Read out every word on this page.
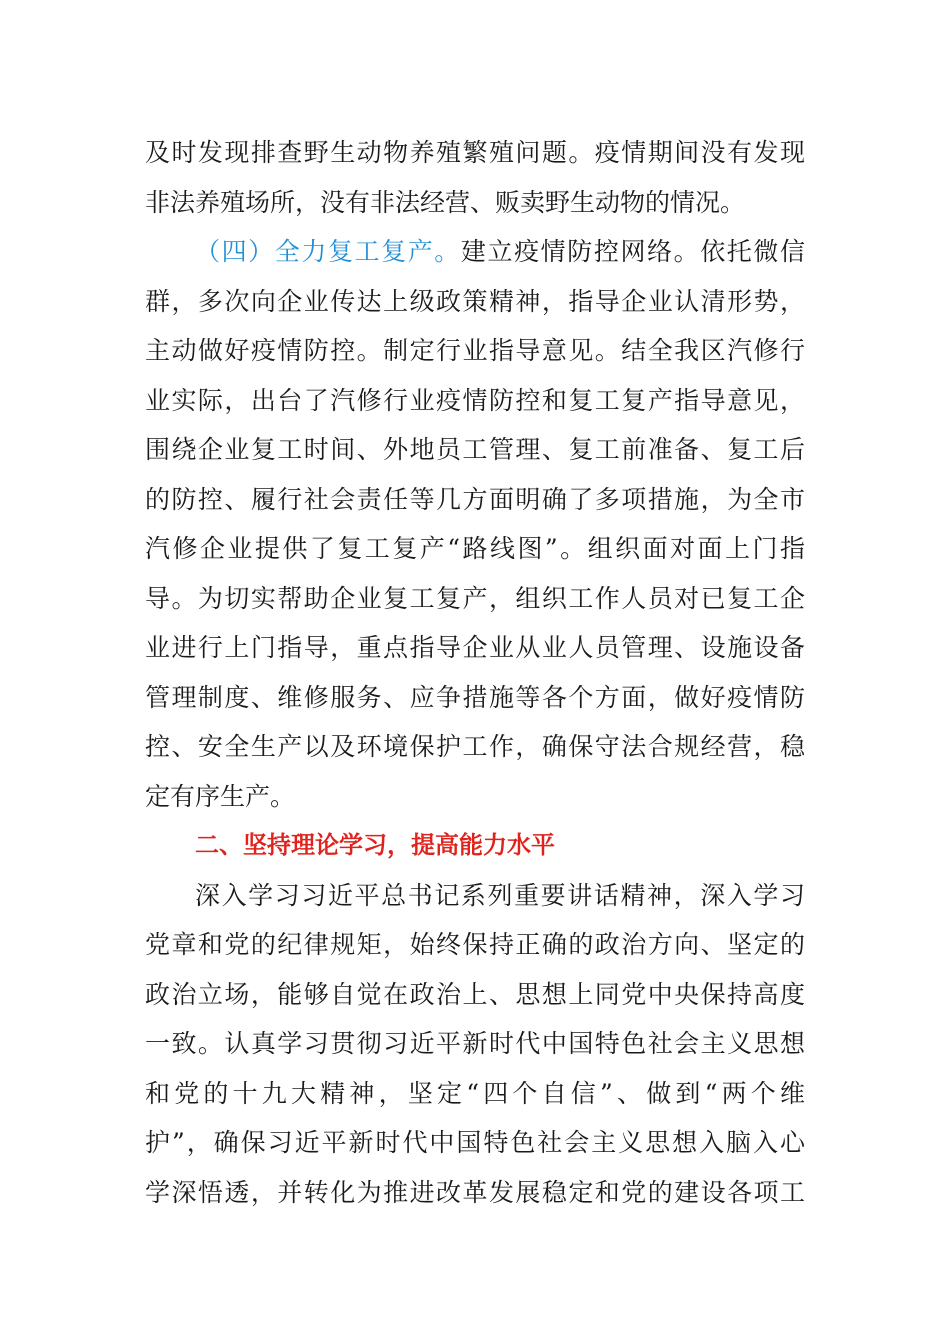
及时发现排查野生动物养殖繁殖问题。疫情期间没有发现
非法养殖场所，没有非法经营、贩卖野生动物的情况。
（四）全力复工复产。建立疫情防控网络。依托微信
群，多次向企业传达上级政策精神，指导企业认清形势，
主动做好疫情防控。制定行业指导意见。结全我区汽修行
业实际，出台了汽修行业疫情防控和复工复产指导意见，
围绕企业复工时间、外地员工管理、复工前准备、复工后
的防控、履行社会责任等几方面明确了多项措施，为全市
汽修企业提供了复工复产“路线图”。组织面对面上门指
导。为切实帮助企业复工复产，组织工作人员对已复工企
业进行上门指导，重点指导企业从业人员管理、设施设备
管理制度、维修服务、应争措施等各个方面，做好疫情防
控、安全生产以及环境保护工作，确保守法合规经营，稳
定有序生产。
二、坚持理论学习，提高能力水平
深入学习习近平总书记系列重要讲话精神，深入学习
党章和党的纪律规矩，始终保持正确的政治方向、坚定的
政治立场，能够自觉在政治上、思想上同党中央保持高度
一致。认真学习贯彻习近平新时代中国特色社会主义思想
和党的十九大精神，坚定“四个自信”、做到“两个维
护”，确保习近平新时代中国特色社会主义思想入脑入心
学深悟透，并转化为推进改革发展稳定和党的建设各项工
